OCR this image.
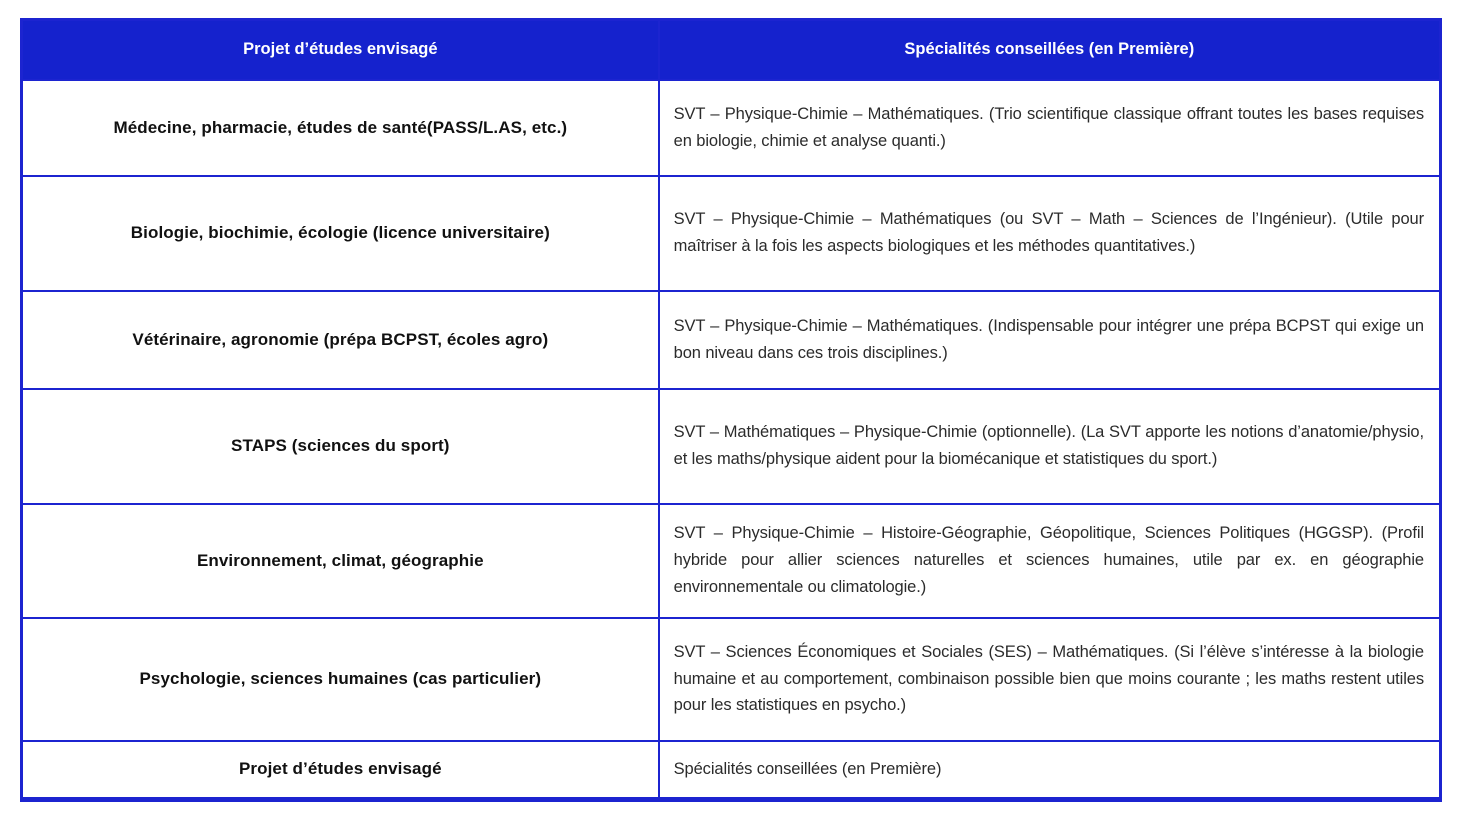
Projet d’études envisagé	Spécialités conseillées (en Première)
Médecine, pharmacie, études de santé(PASS/L.AS, etc.)	SVT – Physique-Chimie – Mathématiques. (Trio scientifique classique offrant toutes les bases requises en biologie, chimie et analyse quanti.)
Biologie, biochimie, écologie (licence universitaire)	SVT – Physique-Chimie – Mathématiques (ou SVT – Math – Sciences de l’Ingénieur). (Utile pour maîtriser à la fois les aspects biologiques et les méthodes quantitatives.)
Vétérinaire, agronomie (prépa BCPST, écoles agro)	SVT – Physique-Chimie – Mathématiques. (Indispensable pour intégrer une prépa BCPST qui exige un bon niveau dans ces trois disciplines.)
STAPS (sciences du sport)	SVT – Mathématiques – Physique-Chimie (optionnelle). (La SVT apporte les notions d’anatomie/physio, et les maths/physique aident pour la biomécanique et statistiques du sport.)
Environnement, climat, géographie	SVT – Physique-Chimie – Histoire-Géographie, Géopolitique, Sciences Politiques (HGGSP). (Profil hybride pour allier sciences naturelles et sciences humaines, utile par ex. en géographie environnementale ou climatologie.)
Psychologie, sciences humaines (cas particulier)	SVT – Sciences Économiques et Sociales (SES) – Mathématiques. (Si l’élève s’intéresse à la biologie humaine et au comportement, combinaison possible bien que moins courante ; les maths restent utiles pour les statistiques en psycho.)
Projet d’études envisagé	Spécialités conseillées (en Première)
